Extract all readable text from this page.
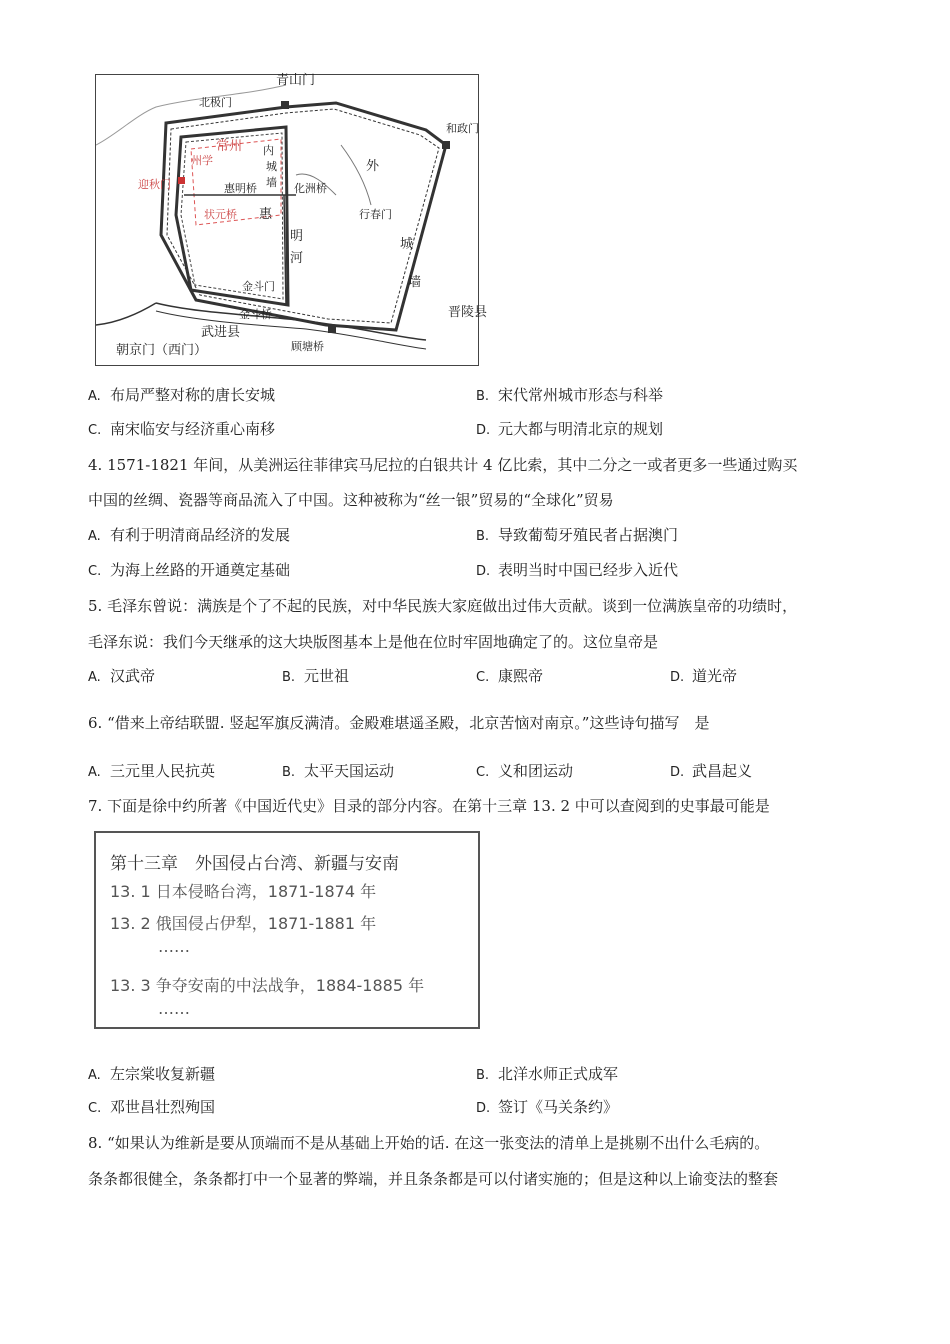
青山门
北极门
和政门
常州
州学
内
城
墙
迎秋门	惠明桥	化洲桥
外
状元桥 惠	行春门
明
河
城
墙
金斗门
金斗桥	晋陵县
武进县
朝京门（西门）	顾塘桥
A. 布局严整对称的唐长安城	B. 宋代常州城市形态与科举
C. 南宋临安与经济重心南移	D. 元大都与明清北京的规划
4. 1571-1821 年间，从美洲运往菲律宾马尼拉的白银共计 4 亿比索，其中二分之一或者更多一些通过购买
中国的丝绸、瓷器等商品流入了中国。这种被称为“丝一银”贸易的“全球化”贸易
A. 有利于明清商品经济的发展	B. 导致葡萄牙殖民者占据澳门
C. 为海上丝路的开通奠定基础	D. 表明当时中国已经步入近代
5. 毛泽东曾说：满族是个了不起的民族，对中华民族大家庭做出过伟大贡献。谈到一位满族皇帝的功绩时，
毛泽东说：我们今天继承的这大块版图基本上是他在位时牢固地确定了的。这位皇帝是
A. 汉武帝	B. 元世祖	C. 康熙帝	D. 道光帝
6. “借来上帝结联盟. 竖起军旗反满清。金殿难堪遥圣殿，北京苦恼对南京。”这些诗句描写　是
A. 三元里人民抗英	B. 太平天国运动	C. 义和团运动	D. 武昌起义
7. 下面是徐中约所著《中国近代史》目录的部分内容。在第十三章 13. 2 中可以查阅到的史事最可能是
第十三章　外国侵占台湾、新疆与安南
13. 1 日本侵略台湾，1871-1874 年
13. 2 俄国侵占伊犁，1871-1881 年
……
13. 3 争夺安南的中法战争，1884-1885 年
……
A. 左宗棠收复新疆	B. 北洋水师正式成军
C. 邓世昌壮烈殉国	D. 签订《马关条约》
8. “如果认为维新是要从顶端而不是从基础上开始的话. 在这一张变法的清单上是挑剔不出什么毛病的。
条条都很健全，条条都打中一个显著的弊端，并且条条都是可以付诸实施的；但是这种以上谕变法的整套
